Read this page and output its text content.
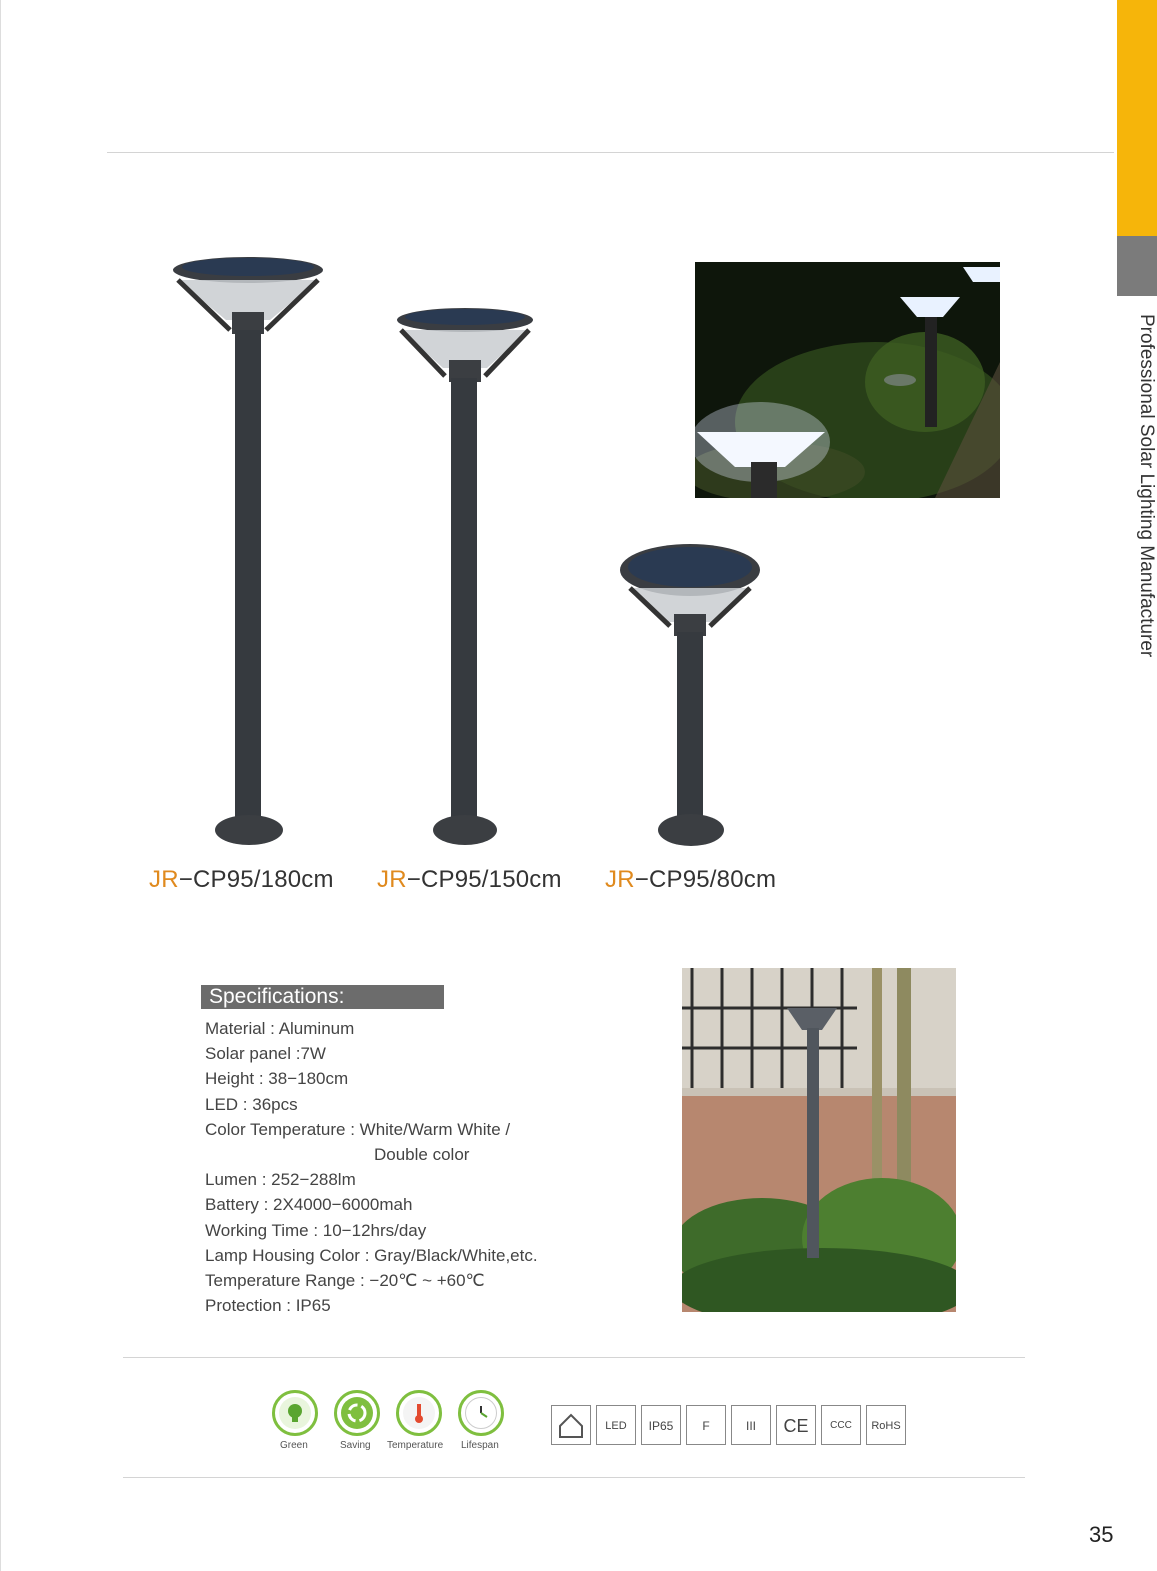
Professional Solar Lighting Manufacturer
JR−CP95/180cm JR−CP95/150cm JR−CP95/80cm
Specifications:
Material : Aluminum
Solar panel :7W
Height : 38−180cm
LED : 36pcs
Color Temperature : White/Warm White /
Double color
Lumen : 252−288lm
Battery : 2X4000−6000mah
Working Time : 10−12hrs/day
Lamp Housing Color : Gray/Black/White,etc.
Temperature Range : −20℃ ~ +60℃
Protection : IP65
Green	Saving Temperature Lifespan
LED	IP65	F	III	CE	CCC	RoHS
35
